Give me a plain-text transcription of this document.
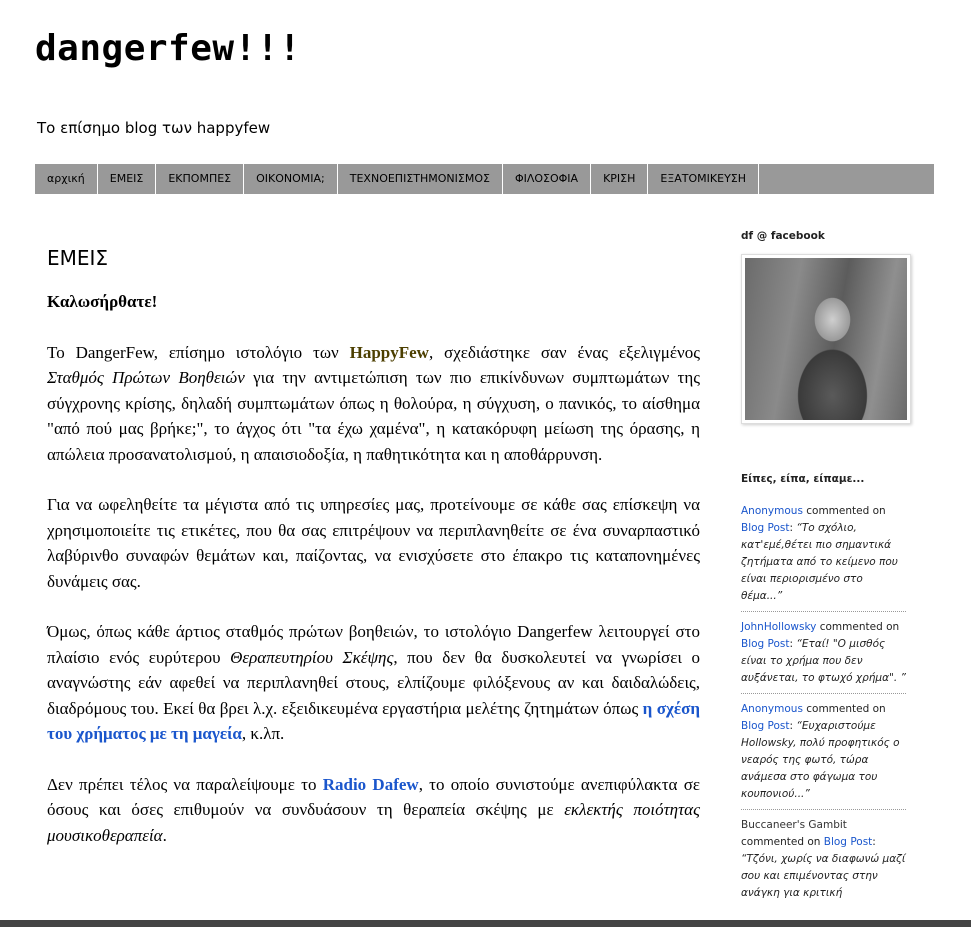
dangerfew!!!
Το επίσημο blog των happyfew
αρχική	ΕΜΕΙΣ	ΕΚΠΟΜΠΕΣ	ΟΙΚΟΝΟΜΙΑ;	ΤΕΧΝΟΕΠΙΣΤΗΜΟΝΙΣΜΟΣ	ΦΙΛΟΣΟΦΙΑ	ΚΡΙΣΗ	ΕΞΑΤΟΜΙΚΕΥΣΗ
ΕΜΕΙΣ

Καλωσήρθατε!

Το DangerFew, επίσημο ιστολόγιο των HappyFew, σχεδιάστηκε σαν ένας εξελιγμένος Σταθμός Πρώτων Βοηθειών για την αντιμετώπιση των πιο επικίνδυνων συμπτωμάτων της σύγχρονης κρίσης, δηλαδή συμπτωμάτων όπως η θολούρα, η σύγχυση, ο πανικός, το αίσθημα "από πού μας βρήκε;", το άγχος ότι "τα έχω χαμένα", η κατακόρυφη μείωση της όρασης, η απώλεια προσανατολισμού, η απαισιοδοξία, η παθητικότητα και η αποθάρρυνση.

Για να ωφεληθείτε τα μέγιστα από τις υπηρεσίες μας, προτείνουμε σε κάθε σας επίσκεψη να χρησιμοποιείτε τις ετικέτες, που θα σας επιτρέψουν να περιπλανηθείτε σε ένα συναρπαστικό λαβύρινθο συναφών θεμάτων και, παίζοντας, να ενισχύσετε στο έπακρο τις καταπονημένες δυνάμεις σας.

Όμως, όπως κάθε άρτιος σταθμός πρώτων βοηθειών, το ιστολόγιο Dangerfew λειτουργεί στο πλαίσιο ενός ευρύτερου Θεραπευτηρίου Σκέψης, που δεν θα δυσκολευτεί να γνωρίσει ο αναγνώστης εάν αφεθεί να περιπλανηθεί στους, ελπίζουμε φιλόξενους αν και δαιδαλώδεις, διαδρόμους του. Εκεί θα βρει λ.χ. εξειδικευμένα εργαστήρια μελέτης ζητημάτων όπως η σχέση του χρήματος με τη μαγεία, κ.λπ.

Δεν πρέπει τέλος να παραλείψουμε το Radio Dafew, το οποίο συνιστούμε ανεπιφύλακτα σε όσους και όσες επιθυμούν να συνδυάσουν τη θεραπεία σκέψης με εκλεκτής ποιότητας μουσικοθεραπεία.

df @ facebook
Είπες, είπα, είπαμε...
Anonymous commented on Blog Post: “Το σχόλιο, κατ'εμέ,θέτει πιο σημαντικά ζητήματα από το κείμενο που είναι περιορισμένο στο θέμα...”
JohnHollowsky commented on Blog Post: “Εταί! "Ο μισθός είναι το χρήμα που δεν αυξάνεται, το φτωχό χρήμα". ”
Anonymous commented on Blog Post: “Ευχαριστούμε Hollowsky, πολύ προφητικός ο νεαρός της φωτό, τώρα ανάμεσα στο φάγωμα του κουπονιού...”
Buccaneer's Gambit
commented on Blog Post: “Τζόνι, χωρίς να διαφωνώ μαζί σου και επιμένοντας στην ανάγκη για κριτική
